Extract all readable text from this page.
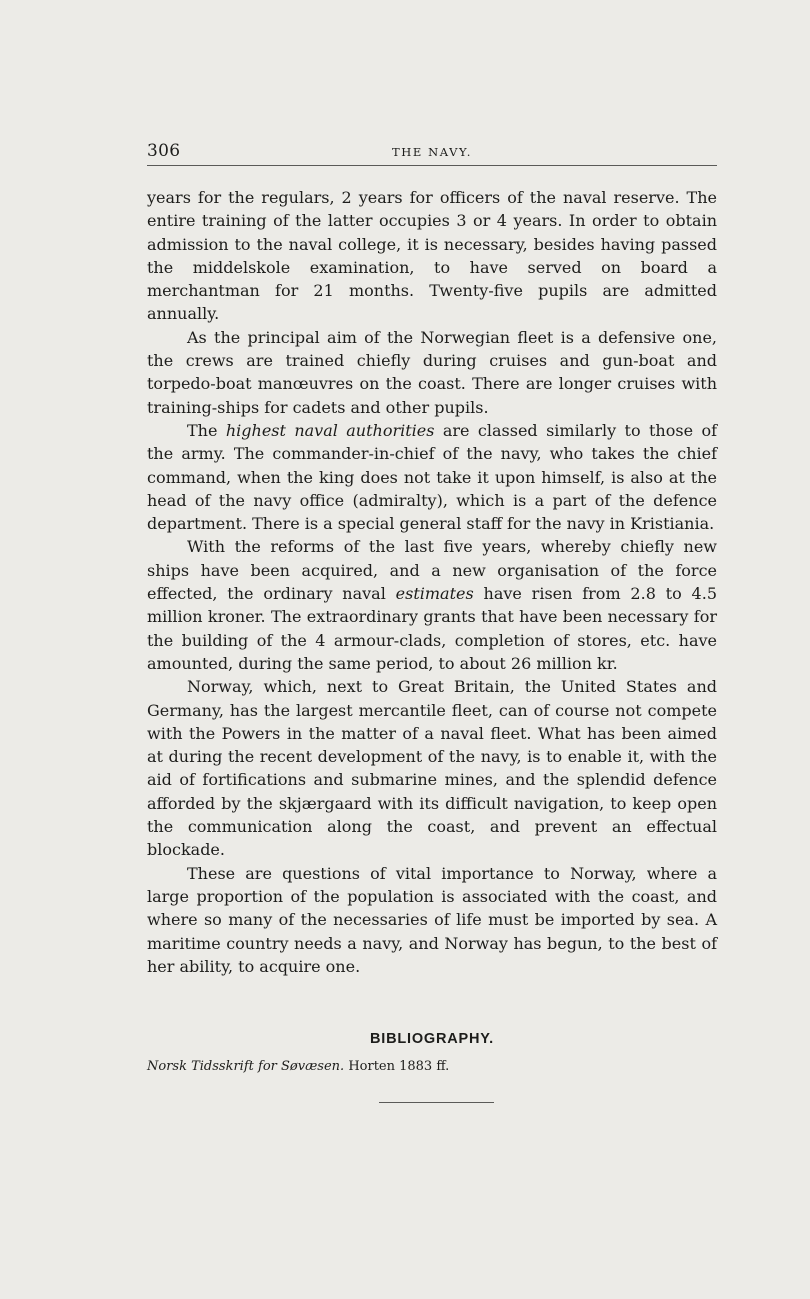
306	THE NAVY.

years for the regulars, 2 years for officers of the naval reserve. The entire training of the latter occupies 3 or 4 years. In order to obtain admission to the naval college, it is necessary, besides having passed the middelskole examination, to have served on board a merchantman for 21 months. Twenty-five pupils are admitted annually.

As the principal aim of the Norwegian fleet is a defensive one, the crews are trained chiefly during cruises and gun-boat and torpedo-boat manœuvres on the coast. There are longer cruises with training-ships for cadets and other pupils.

The highest naval authorities are classed similarly to those of the army. The commander-in-chief of the navy, who takes the chief command, when the king does not take it upon himself, is also at the head of the navy office (admiralty), which is a part of the defence department. There is a special general staff for the navy in Kristiania.

With the reforms of the last five years, whereby chiefly new ships have been acquired, and a new organisation of the force effected, the ordinary naval estimates have risen from 2.8 to 4.5 million kroner. The extraordinary grants that have been necessary for the building of the 4 armour-clads, completion of stores, etc. have amounted, during the same period, to about 26 million kr.

Norway, which, next to Great Britain, the United States and Germany, has the largest mercantile fleet, can of course not compete with the Powers in the matter of a naval fleet. What has been aimed at during the recent development of the navy, is to enable it, with the aid of fortifications and submarine mines, and the splendid defence afforded by the skjærgaard with its difficult navigation, to keep open the communication along the coast, and prevent an effectual blockade.

These are questions of vital importance to Norway, where a large proportion of the population is associated with the coast, and where so many of the necessaries of life must be imported by sea. A maritime country needs a navy, and Norway has begun, to the best of her ability, to acquire one.

BIBLIOGRAPHY.
Norsk Tidsskrift for Søvæsen. Horten 1883 ff.
